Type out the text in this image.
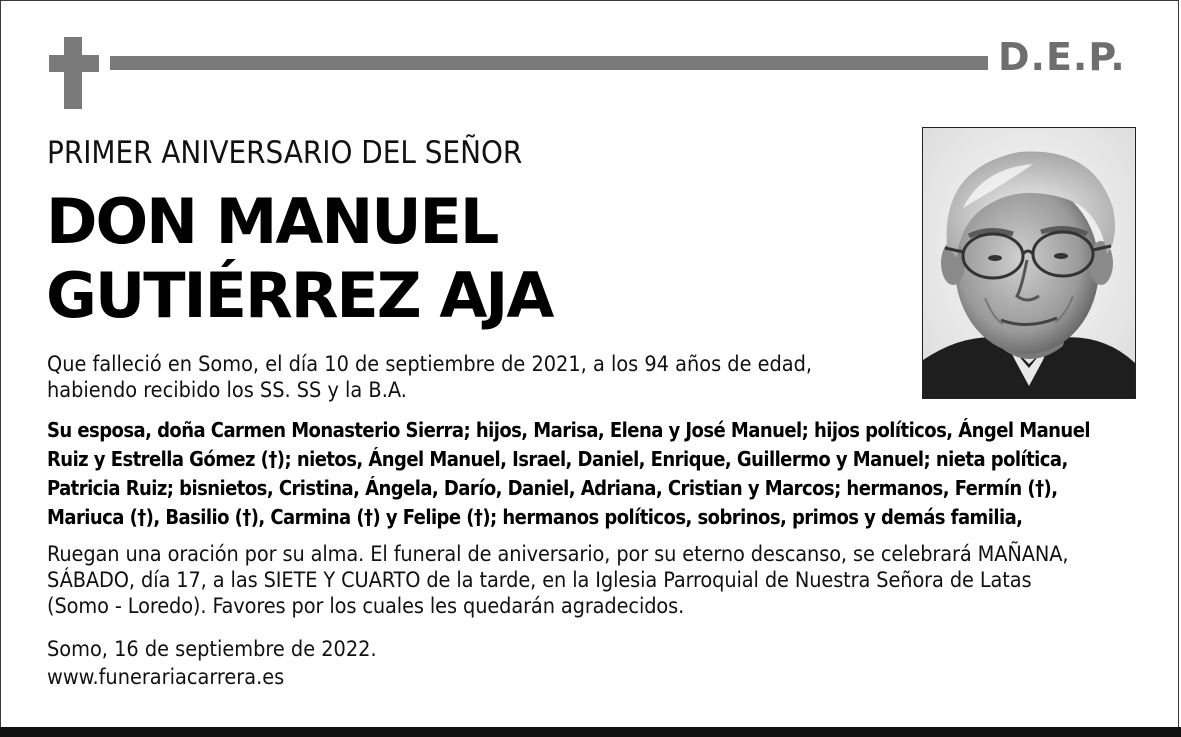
D.E.P.
PRIMER ANIVERSARIO DEL SEÑOR
DON MANUEL
GUTIÉRREZ AJA
Que falleció en Somo, el día 10 de septiembre de 2021, a los 94 años de edad,
habiendo recibido los SS. SS y la B.A.
Su esposa, doña Carmen Monasterio Sierra; hijos, Marisa, Elena y José Manuel; hijos políticos, Ángel Manuel
Ruiz y Estrella Gómez (†); nietos, Ángel Manuel, Israel, Daniel, Enrique, Guillermo y Manuel; nieta política,
Patricia Ruiz; bisnietos, Cristina, Ángela, Darío, Daniel, Adriana, Cristian y Marcos; hermanos, Fermín (†),
Mariuca (†), Basilio (†), Carmina (†) y Felipe (†); hermanos políticos, sobrinos, primos y demás familia,
Ruegan una oración por su alma. El funeral de aniversario, por su eterno descanso, se celebrará MAÑANA,
SÁBADO, día 17, a las SIETE Y CUARTO de la tarde, en la Iglesia Parroquial de Nuestra Señora de Latas
(Somo - Loredo). Favores por los cuales les quedarán agradecidos.
Somo, 16 de septiembre de 2022.
www.funerariacarrera.es
